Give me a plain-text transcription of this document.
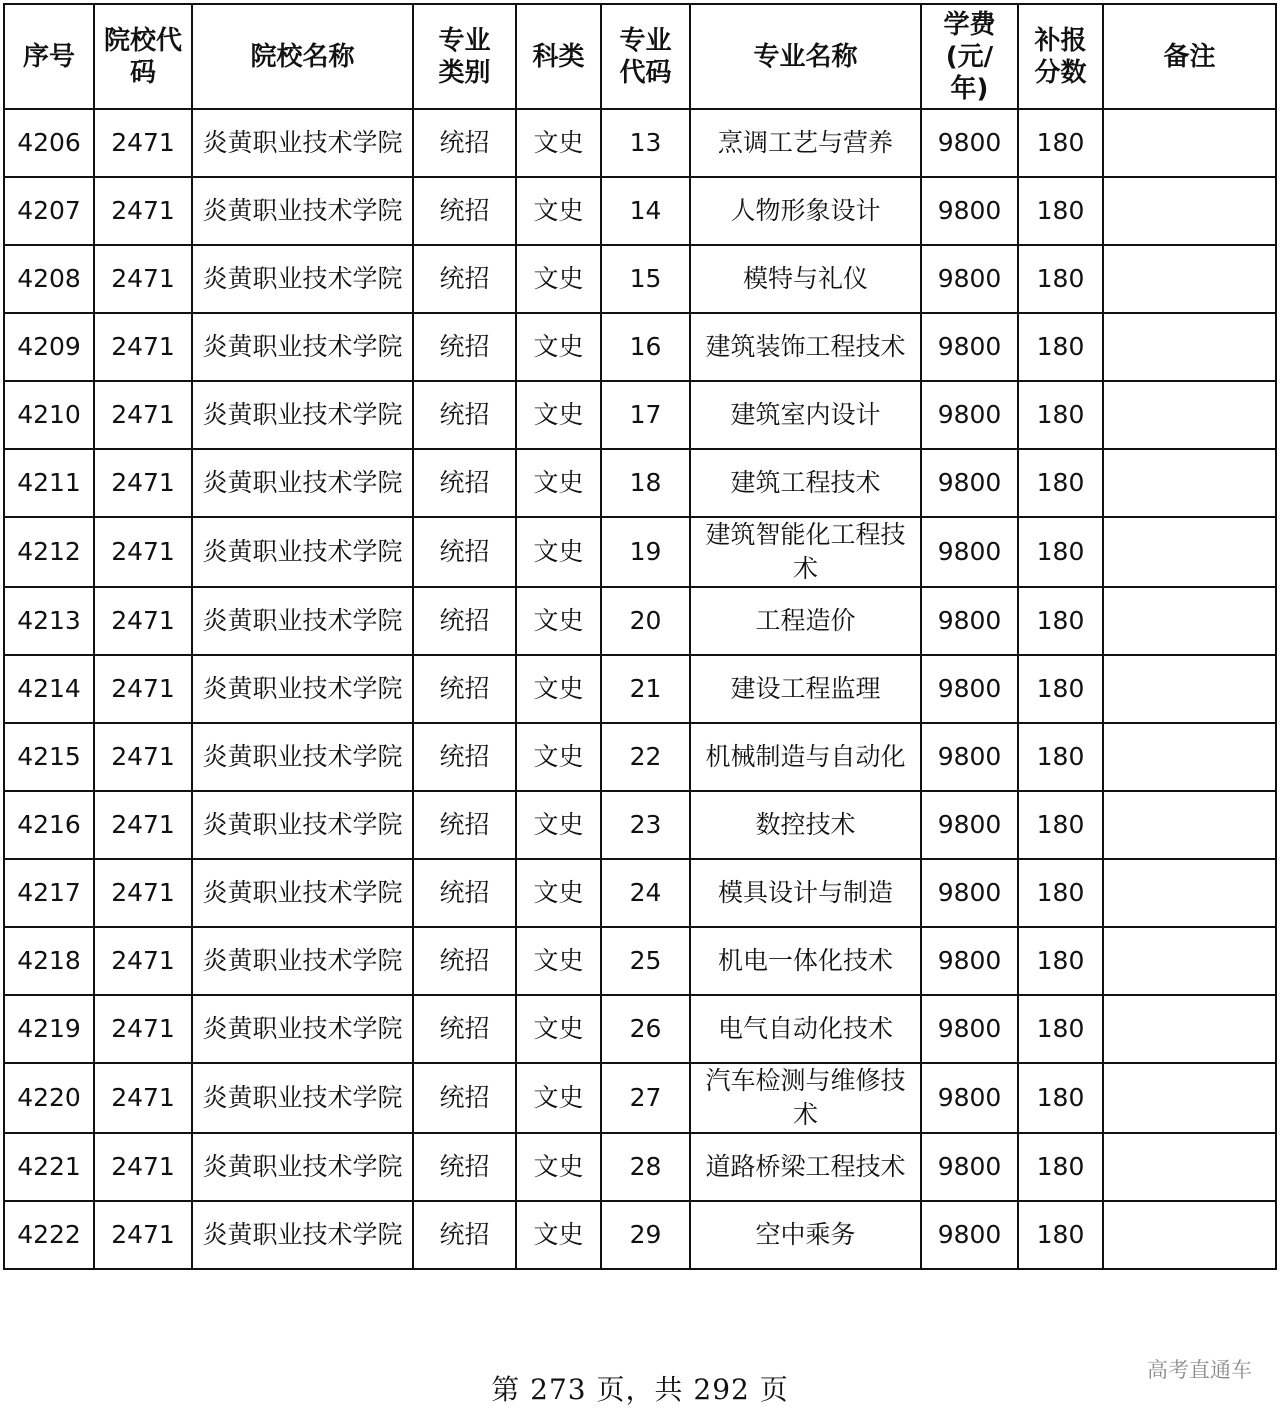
序号	院校代码	院校名称	专业类别	科类	专业代码	专业名称	学费(元/年)	补报分数	备注

4206	2471	炎黄职业技术学院	统招	文史	13	烹调工艺与营养	9800	180	

4207	2471	炎黄职业技术学院	统招	文史	14	人物形象设计	9800	180	

4208	2471	炎黄职业技术学院	统招	文史	15	模特与礼仪	9800	180	

4209	2471	炎黄职业技术学院	统招	文史	16	建筑装饰工程技术	9800	180	

4210	2471	炎黄职业技术学院	统招	文史	17	建筑室内设计	9800	180	

4211	2471	炎黄职业技术学院	统招	文史	18	建筑工程技术	9800	180	

4212	2471	炎黄职业技术学院	统招	文史	19	建筑智能化工程技术	9800	180	

4213	2471	炎黄职业技术学院	统招	文史	20	工程造价	9800	180	

4214	2471	炎黄职业技术学院	统招	文史	21	建设工程监理	9800	180	

4215	2471	炎黄职业技术学院	统招	文史	22	机械制造与自动化	9800	180	

4216	2471	炎黄职业技术学院	统招	文史	23	数控技术	9800	180	

4217	2471	炎黄职业技术学院	统招	文史	24	模具设计与制造	9800	180	

4218	2471	炎黄职业技术学院	统招	文史	25	机电一体化技术	9800	180	

4219	2471	炎黄职业技术学院	统招	文史	26	电气自动化技术	9800	180	

4220	2471	炎黄职业技术学院	统招	文史	27	汽车检测与维修技术	9800	180	

4221	2471	炎黄职业技术学院	统招	文史	28	道路桥梁工程技术	9800	180	

4222	2471	炎黄职业技术学院	统招	文史	29	空中乘务	9800	180	

第 273 页，共 292 页
高考直通车
